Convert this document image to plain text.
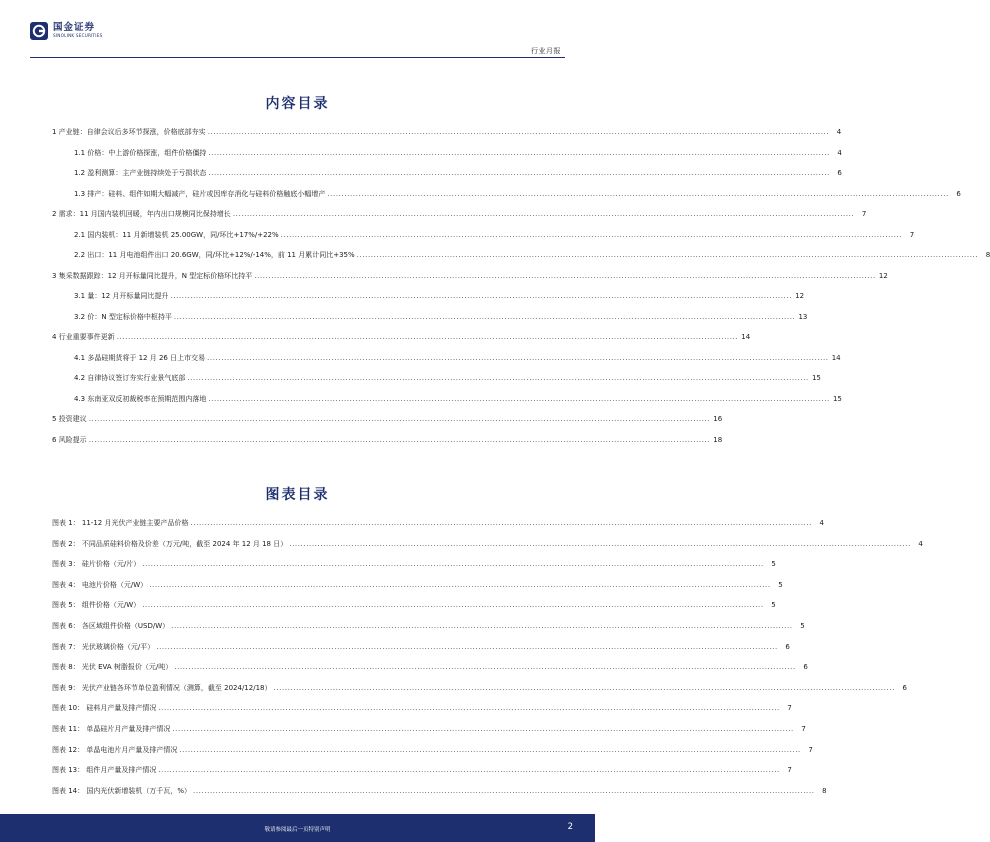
国金证券
SINOLINK SECURITIES
行业月报
内容目录
1 产业链：自律会议后多环节探涨，价格底部夯实 ............................................................................................................................................................................................................................	4
1.1 价格：中上游价格探涨，组件价格僵持 ............................................................................................................................................................................................................................	4
1.2 盈利测算：主产业链持续处于亏损状态 ............................................................................................................................................................................................................................	6
1.3 排产：硅料、组件如期大幅减产，硅片或因库存消化与硅料价格触底小幅增产 ............................................................................................................................................................................................................................	6
2 需求：11 月国内装机回暖，年内出口规模同比保持增长 ............................................................................................................................................................................................................................	7
2.1 国内装机：11 月新增装机 25.00GW，同/环比+17%/+22% ............................................................................................................................................................................................................................	7
2.2 出口：11 月电池组件出口 20.6GW，同/环比+12%/-14%，前 11 月累计同比+35% ............................................................................................................................................................................................................................	8
3 集采数据跟踪：12 月开标量同比提升，N 型定标价格环比持平 ............................................................................................................................................................................................................................ 12
3.1 量：12 月开标量同比提升 ............................................................................................................................................................................................................................ 12
3.2 价：N 型定标价格中枢持平 ............................................................................................................................................................................................................................ 13
4 行业重要事件更新 ............................................................................................................................................................................................................................ 14
4.1 多晶硅期货将于 12 月 26 日上市交易 ............................................................................................................................................................................................................................ 14
4.2 自律协议签订夯实行业景气底部 ............................................................................................................................................................................................................................ 15
4.3 东南亚双反初裁税率在预期范围内落地 ............................................................................................................................................................................................................................ 15
5 投资建议 ............................................................................................................................................................................................................................ 16
6 风险提示 ............................................................................................................................................................................................................................ 18
图表目录
图表 1： 11-12 月光伏产业链主要产品价格 ............................................................................................................................................................................................................................	4
图表 2： 不同品质硅料价格及价差（万元/吨，截至 2024 年 12 月 18 日） ............................................................................................................................................................................................................................	4
图表 3： 硅片价格（元/片） ............................................................................................................................................................................................................................	5
图表 4： 电池片价格（元/W） ............................................................................................................................................................................................................................	5
图表 5： 组件价格（元/W） ............................................................................................................................................................................................................................	5
图表 6： 各区域组件价格（USD/W） ............................................................................................................................................................................................................................	5
图表 7： 光伏玻璃价格（元/平） ............................................................................................................................................................................................................................	6
图表 8： 光伏 EVA 树脂报价（元/吨） ............................................................................................................................................................................................................................	6
图表 9： 光伏产业链各环节单位盈利情况（测算，截至 2024/12/18） ............................................................................................................................................................................................................................	6
图表 10： 硅料月产量及排产情况 ............................................................................................................................................................................................................................	7
图表 11： 单晶硅片月产量及排产情况 ............................................................................................................................................................................................................................	7
图表 12： 单晶电池片月产量及排产情况 ............................................................................................................................................................................................................................	7
图表 13： 组件月产量及排产情况 ............................................................................................................................................................................................................................	7
图表 14： 国内光伏新增装机（万千瓦，%） ............................................................................................................................................................................................................................	8
敬请参阅最后一页特别声明	2
